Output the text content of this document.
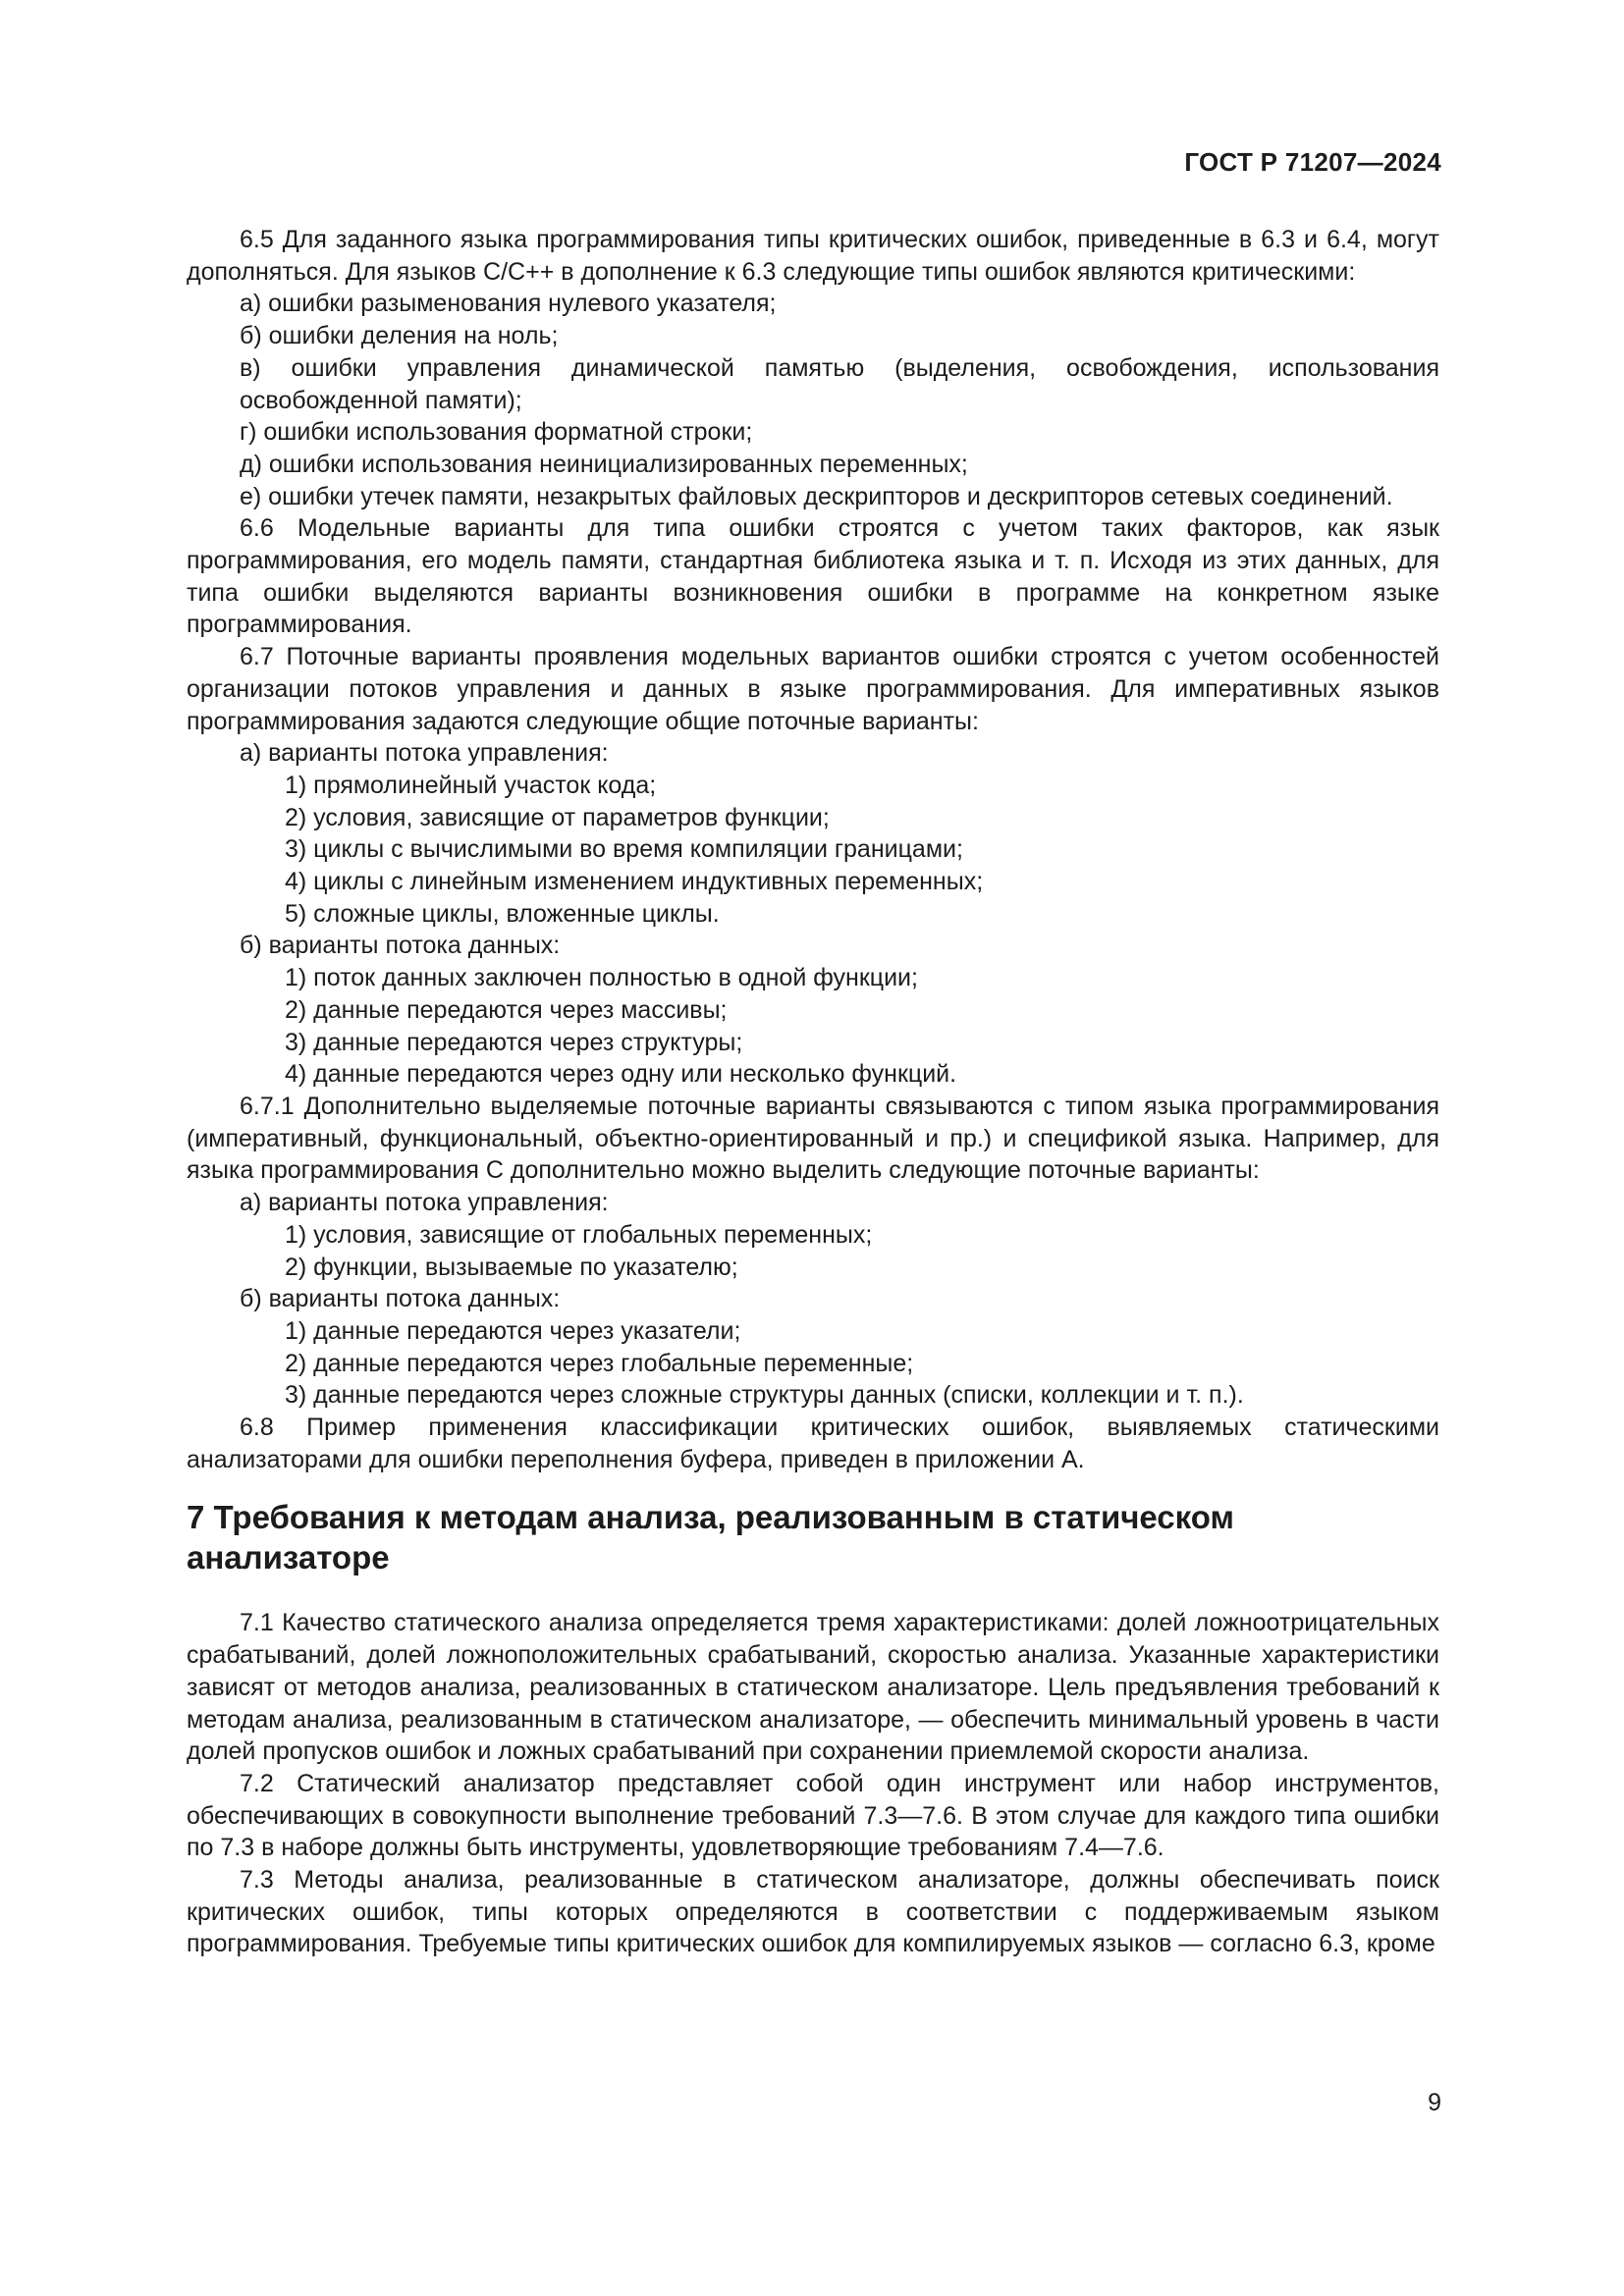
ГОСТ Р 71207—2024

6.5 Для заданного языка программирования типы критических ошибок, приведенные в 6.3 и 6.4, могут дополняться. Для языков С/С++ в дополнение к 6.3 следующие типы ошибок являются критическими:

а) ошибки разыменования нулевого указателя;

б) ошибки деления на ноль;

в) ошибки управления динамической памятью (выделения, освобождения, использования освобожденной памяти);

г) ошибки использования форматной строки;

д) ошибки использования неинициализированных переменных;

е) ошибки утечек памяти, незакрытых файловых дескрипторов и дескрипторов сетевых соединений.

6.6 Модельные варианты для типа ошибки строятся с учетом таких факторов, как язык программирования, его модель памяти, стандартная библиотека языка и т. п. Исходя из этих данных, для типа ошибки выделяются варианты возникновения ошибки в программе на конкретном языке программирования.

6.7 Поточные варианты проявления модельных вариантов ошибки строятся с учетом особенностей организации потоков управления и данных в языке программирования. Для императивных языков программирования задаются следующие общие поточные варианты:

а) варианты потока управления:

1) прямолинейный участок кода;

2) условия, зависящие от параметров функции;

3) циклы с вычислимыми во время компиляции границами;

4) циклы с линейным изменением индуктивных переменных;

5) сложные циклы, вложенные циклы.

б) варианты потока данных:

1) поток данных заключен полностью в одной функции;

2) данные передаются через массивы;

3) данные передаются через структуры;

4) данные передаются через одну или несколько функций.

6.7.1 Дополнительно выделяемые поточные варианты связываются с типом языка программирования (императивный, функциональный, объектно-ориентированный и пр.) и спецификой языка. Например, для языка программирования С дополнительно можно выделить следующие поточные варианты:

а) варианты потока управления:

1) условия, зависящие от глобальных переменных;

2) функции, вызываемые по указателю;

б) варианты потока данных:

1) данные передаются через указатели;

2) данные передаются через глобальные переменные;

3) данные передаются через сложные структуры данных (списки, коллекции и т. п.).

6.8 Пример применения классификации критических ошибок, выявляемых статическими анализаторами для ошибки переполнения буфера, приведен в приложении А.

7 Требования к методам анализа, реализованным в статическом анализаторе

7.1 Качество статического анализа определяется тремя характеристиками: долей ложноотрицательных срабатываний, долей ложноположительных срабатываний, скоростью анализа. Указанные характеристики зависят от методов анализа, реализованных в статическом анализаторе. Цель предъявления требований к методам анализа, реализованным в статическом анализаторе, — обеспечить минимальный уровень в части долей пропусков ошибок и ложных срабатываний при сохранении приемлемой скорости анализа.

7.2 Статический анализатор представляет собой один инструмент или набор инструментов, обеспечивающих в совокупности выполнение требований 7.3—7.6. В этом случае для каждого типа ошибки по 7.3 в наборе должны быть инструменты, удовлетворяющие требованиям 7.4—7.6.

7.3 Методы анализа, реализованные в статическом анализаторе, должны обеспечивать поиск критических ошибок, типы которых определяются в соответствии с поддерживаемым языком программирования. Требуемые типы критических ошибок для компилируемых языков — согласно 6.3, кроме

9
